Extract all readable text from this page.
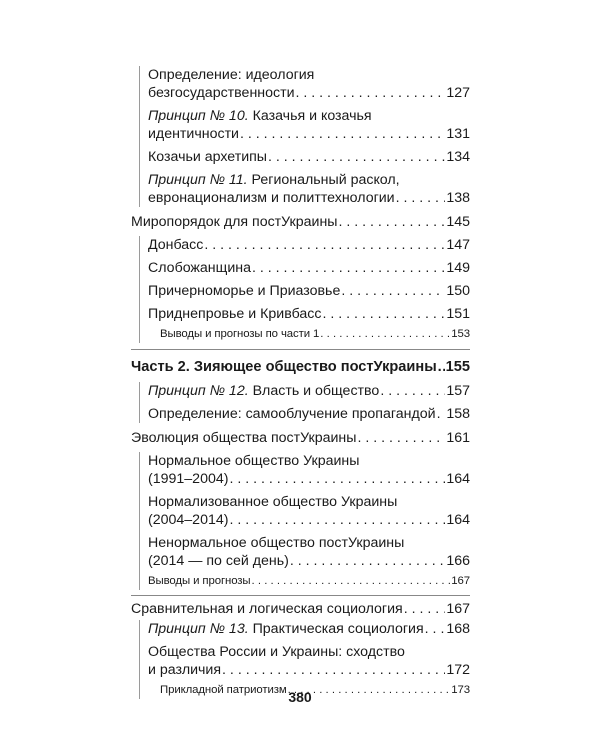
Определение: идеология
безгосударственности . . .	127
Принцип № 10. Казачья и козачья
идентичности . . .	131
Козачьи архетипы . . .	134
Принцип № 11. Региональный раскол,
евронационализм и политтехнологии . . .	138
Миропорядок для постУкраины . . .	145
Донбасс . . .	147
Слобожанщина . . .	149
Причерноморье и Приазовье . . .	150
Приднепровье и Кривбасс . . .	151
Выводы и прогнозы по части 1 . . .	153
Часть 2. Зияющее общество постУкраины ..... 155
Принцип № 12. Власть и общество . . .	157
Определение: самооблучение пропагандой . . . 158
Эволюция общества постУкраины . . .	161
Нормальное общество Украины
(1991–2004) . . .	164
Нормализованное общество Украины
(2004–2014) . . .	164
Ненормальное общество постУкраины
(2014 — по сей день) . . .	166
Выводы и прогнозы . . .	167
Сравнительная и логическая социология . . .	167
Принцип № 13. Практическая социология . . . 168
Общества России и Украины: сходство
и различия . . .	172
Прикладной патриотизм . . .	173
380
